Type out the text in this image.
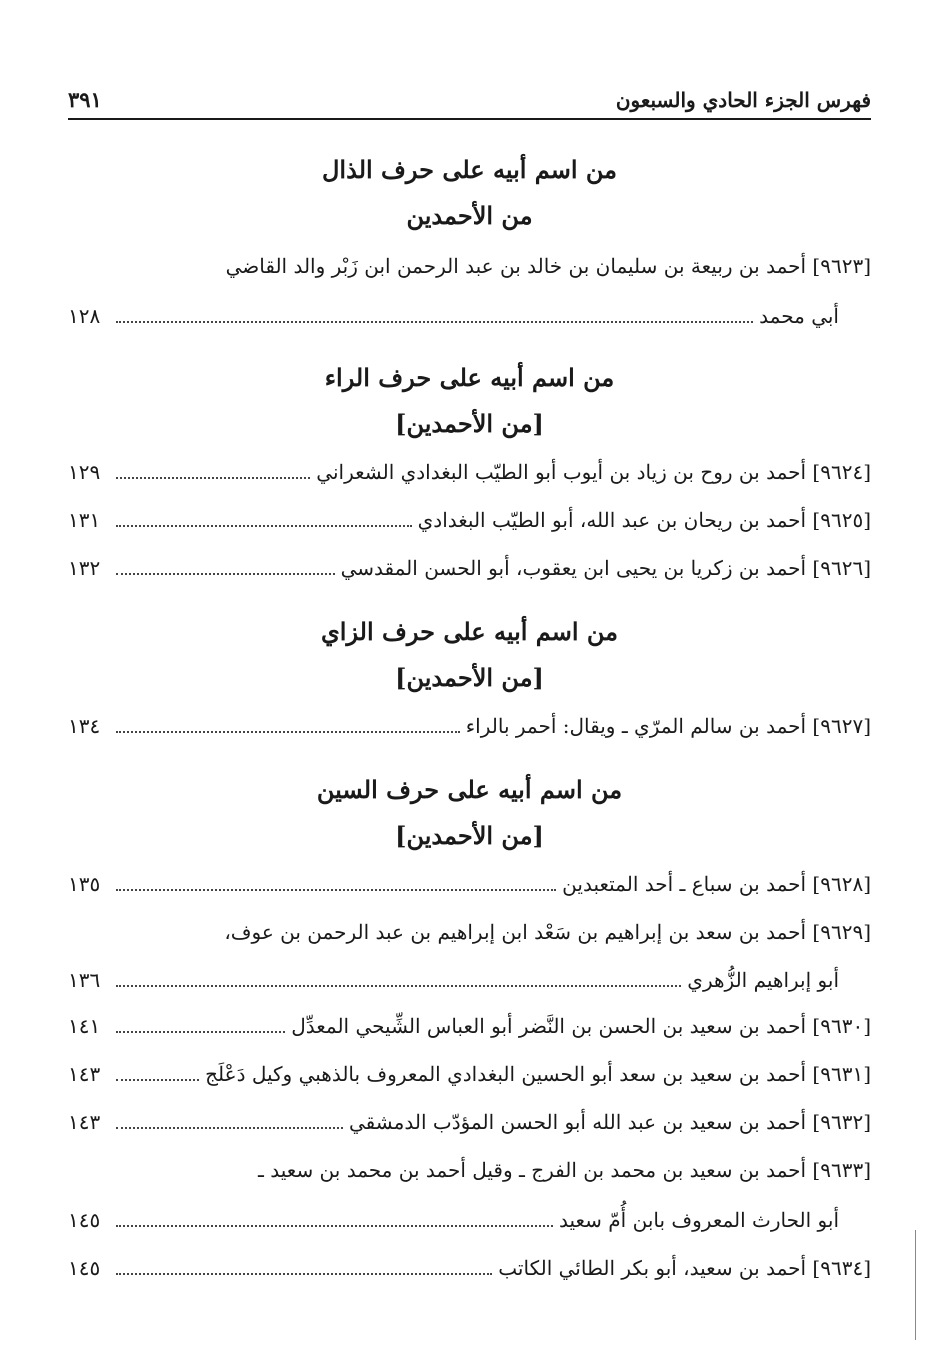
فهرس الجزء الحادي والسبعون
٣٩١
من اسم أبيه على حرف الذال
من الأحمدين
[٩٦٢٣] أحمد بن ربيعة بن سليمان بن خالد بن عبد الرحمن ابن زَبْر والد القاضي
أبي محمد
١٢٨
من اسم أبيه على حرف الراء
[من الأحمدين]
[٩٦٢٤] أحمد بن روح بن زياد بن أيوب أبو الطيّب البغدادي الشعراني
١٢٩
[٩٦٢٥] أحمد بن ريحان بن عبد الله، أبو الطيّب البغدادي
١٣١
[٩٦٢٦] أحمد بن زكريا بن يحيى ابن يعقوب، أبو الحسن المقدسي
١٣٢
من اسم أبيه على حرف الزاي
[من الأحمدين]
[٩٦٢٧] أحمد بن سالم المرّي ـ ويقال: أحمر بالراء
١٣٤
من اسم أبيه على حرف السين
[من الأحمدين]
[٩٦٢٨] أحمد بن سباع ـ أحد المتعبدين
١٣٥
[٩٦٢٩] أحمد بن سعد بن إبراهيم بن سَعْد ابن إبراهيم بن عبد الرحمن بن عوف،
أبو إبراهيم الزُّهري
١٣٦
[٩٦٣٠] أحمد بن سعيد بن الحسن بن النَّضر أبو العباس الشِّيحي المعدِّل
١٤١
[٩٦٣١] أحمد بن سعيد بن سعد أبو الحسين البغدادي المعروف بالذهبي وكيل دَعْلَج
١٤٣
[٩٦٣٢] أحمد بن سعيد بن عبد الله أبو الحسن المؤدّب الدمشقي
١٤٣
[٩٦٣٣] أحمد بن سعيد بن محمد بن الفرج ـ وقيل أحمد بن محمد بن سعيد ـ
أبو الحارث المعروف بابن أُمّ سعيد
١٤٥
[٩٦٣٤] أحمد بن سعيد، أبو بكر الطائي الكاتب
١٤٥
